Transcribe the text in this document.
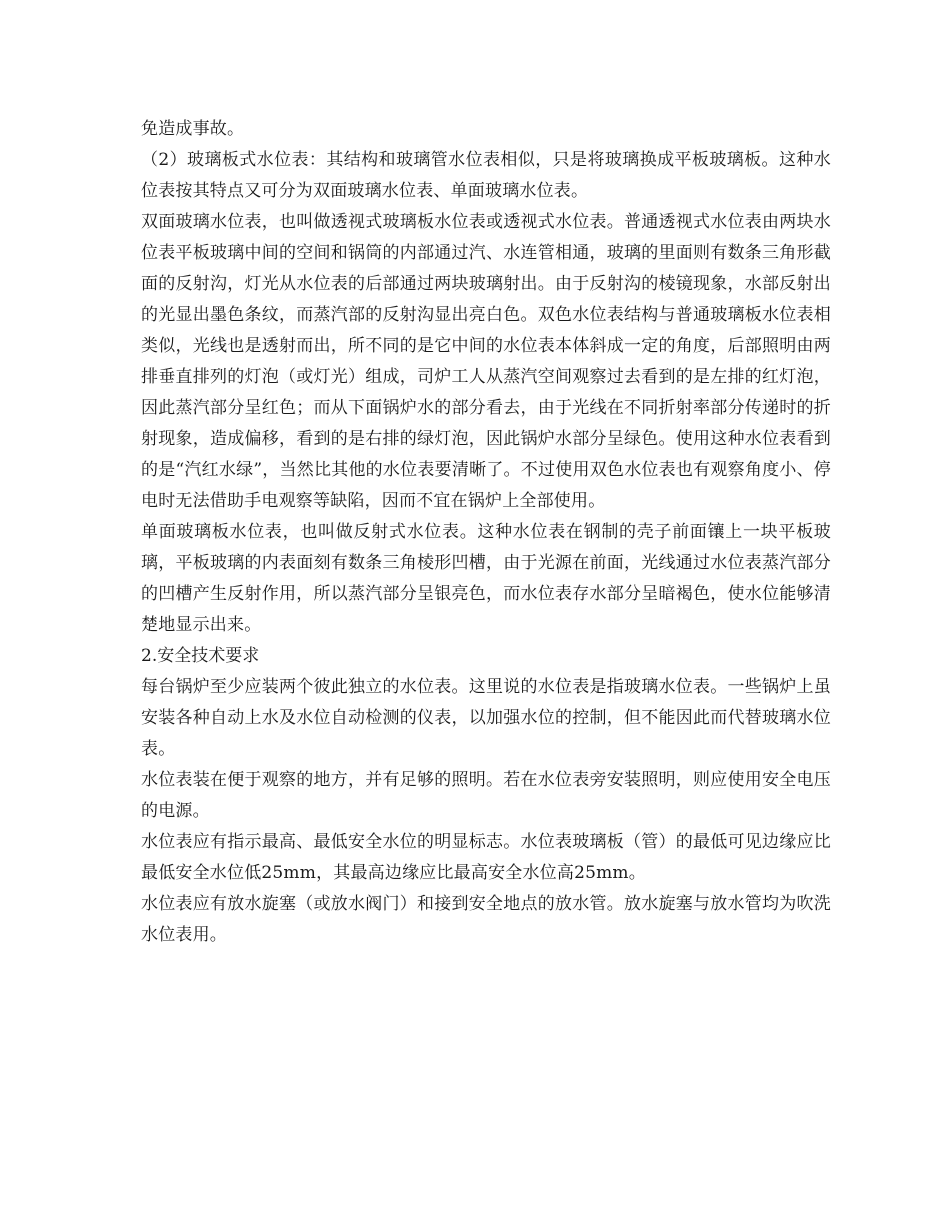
免造成事故。

（2）玻璃板式水位表：其结构和玻璃管水位表相似，只是将玻璃换成平板玻璃板。这种水位表按其特点又可分为双面玻璃水位表、单面玻璃水位表。

双面玻璃水位表，也叫做透视式玻璃板水位表或透视式水位表。普通透视式水位表由两块水位表平板玻璃中间的空间和锅筒的内部通过汽、水连管相通，玻璃的里面则有数条三角形截面的反射沟，灯光从水位表的后部通过两块玻璃射出。由于反射沟的棱镜现象，水部反射出的光显出墨色条纹，而蒸汽部的反射沟显出亮白色。双色水位表结构与普通玻璃板水位表相类似，光线也是透射而出，所不同的是它中间的水位表本体斜成一定的角度，后部照明由两排垂直排列的灯泡（或灯光）组成，司炉工人从蒸汽空间观察过去看到的是左排的红灯泡，因此蒸汽部分呈红色；而从下面锅炉水的部分看去，由于光线在不同折射率部分传递时的折射现象，造成偏移，看到的是右排的绿灯泡，因此锅炉水部分呈绿色。使用这种水位表看到的是“汽红水绿”，当然比其他的水位表要清晰了。不过使用双色水位表也有观察角度小、停电时无法借助手电观察等缺陷，因而不宜在锅炉上全部使用。

单面玻璃板水位表，也叫做反射式水位表。这种水位表在钢制的壳子前面镶上一块平板玻璃，平板玻璃的内表面刻有数条三角棱形凹槽，由于光源在前面，光线通过水位表蒸汽部分的凹槽产生反射作用，所以蒸汽部分呈银亮色，而水位表存水部分呈暗褐色，使水位能够清楚地显示出来。

2.安全技术要求

每台锅炉至少应装两个彼此独立的水位表。这里说的水位表是指玻璃水位表。一些锅炉上虽安装各种自动上水及水位自动检测的仪表，以加强水位的控制，但不能因此而代替玻璃水位表。

水位表装在便于观察的地方，并有足够的照明。若在水位表旁安装照明，则应使用安全电压的电源。

水位表应有指示最高、最低安全水位的明显标志。水位表玻璃板（管）的最低可见边缘应比最低安全水位低25mm，其最高边缘应比最高安全水位高25mm。

水位表应有放水旋塞（或放水阀门）和接到安全地点的放水管。放水旋塞与放水管均为吹洗水位表用。
